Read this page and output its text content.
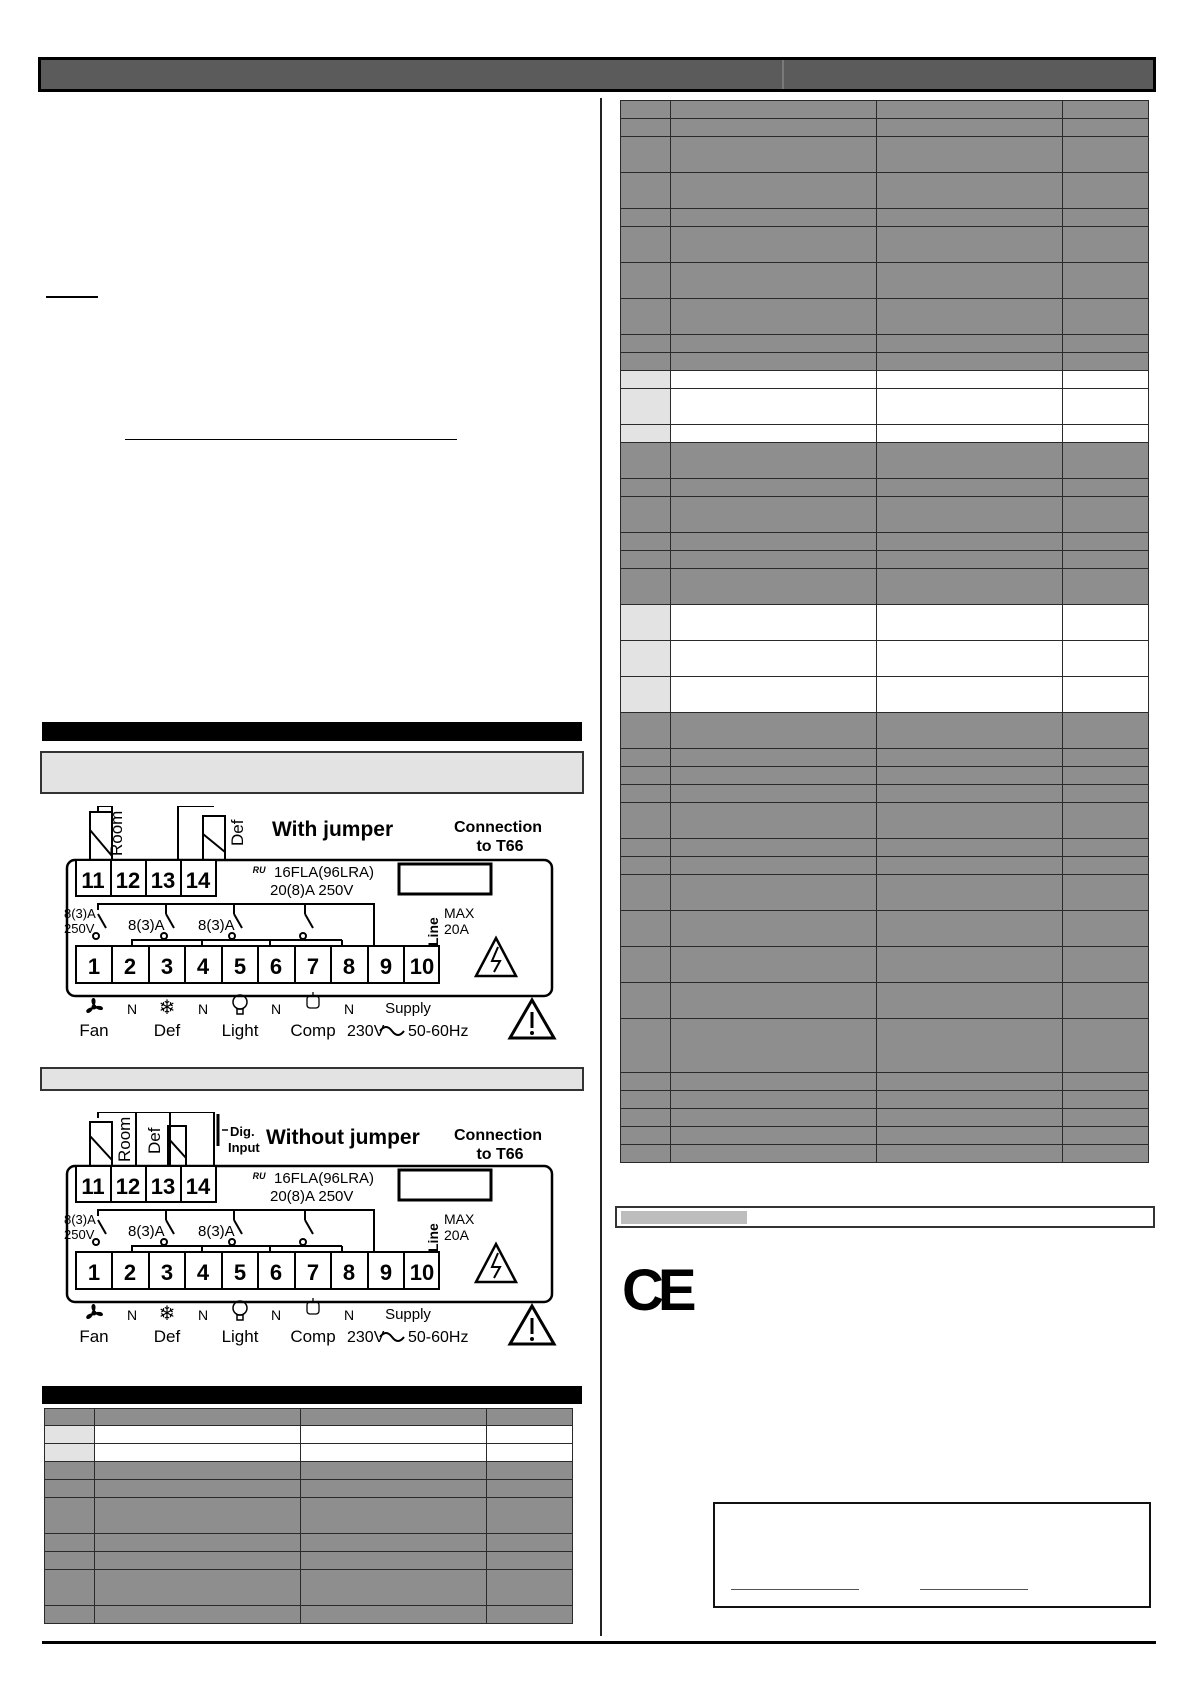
Room	Def With jumper	Connection
to T66
11 12 13 14	ᴿᵁ 16FLA(96LRA)
20(8)A 250V
8(3)A
250V 8(3)A 8(3)A
MAX
20A
Line
1 2 3 4 5 6 7 8 9 10
N ❄ N	N	N Supply
Fan	Def Light Comp 230V 50-60Hz
Room Def	Dig.
Input Without jumper Connection
to T66
11 12 13 14	ᴿᵁ 16FLA(96LRA)
20(8)A 250V
8(3)A
250V 8(3)A 8(3)A
MAX
20A
Line
1 2 3 4 5 6 7 8 9 10
N ❄ N	N	N Supply
Fan	Def Light Comp 230V 50-60Hz

CE
